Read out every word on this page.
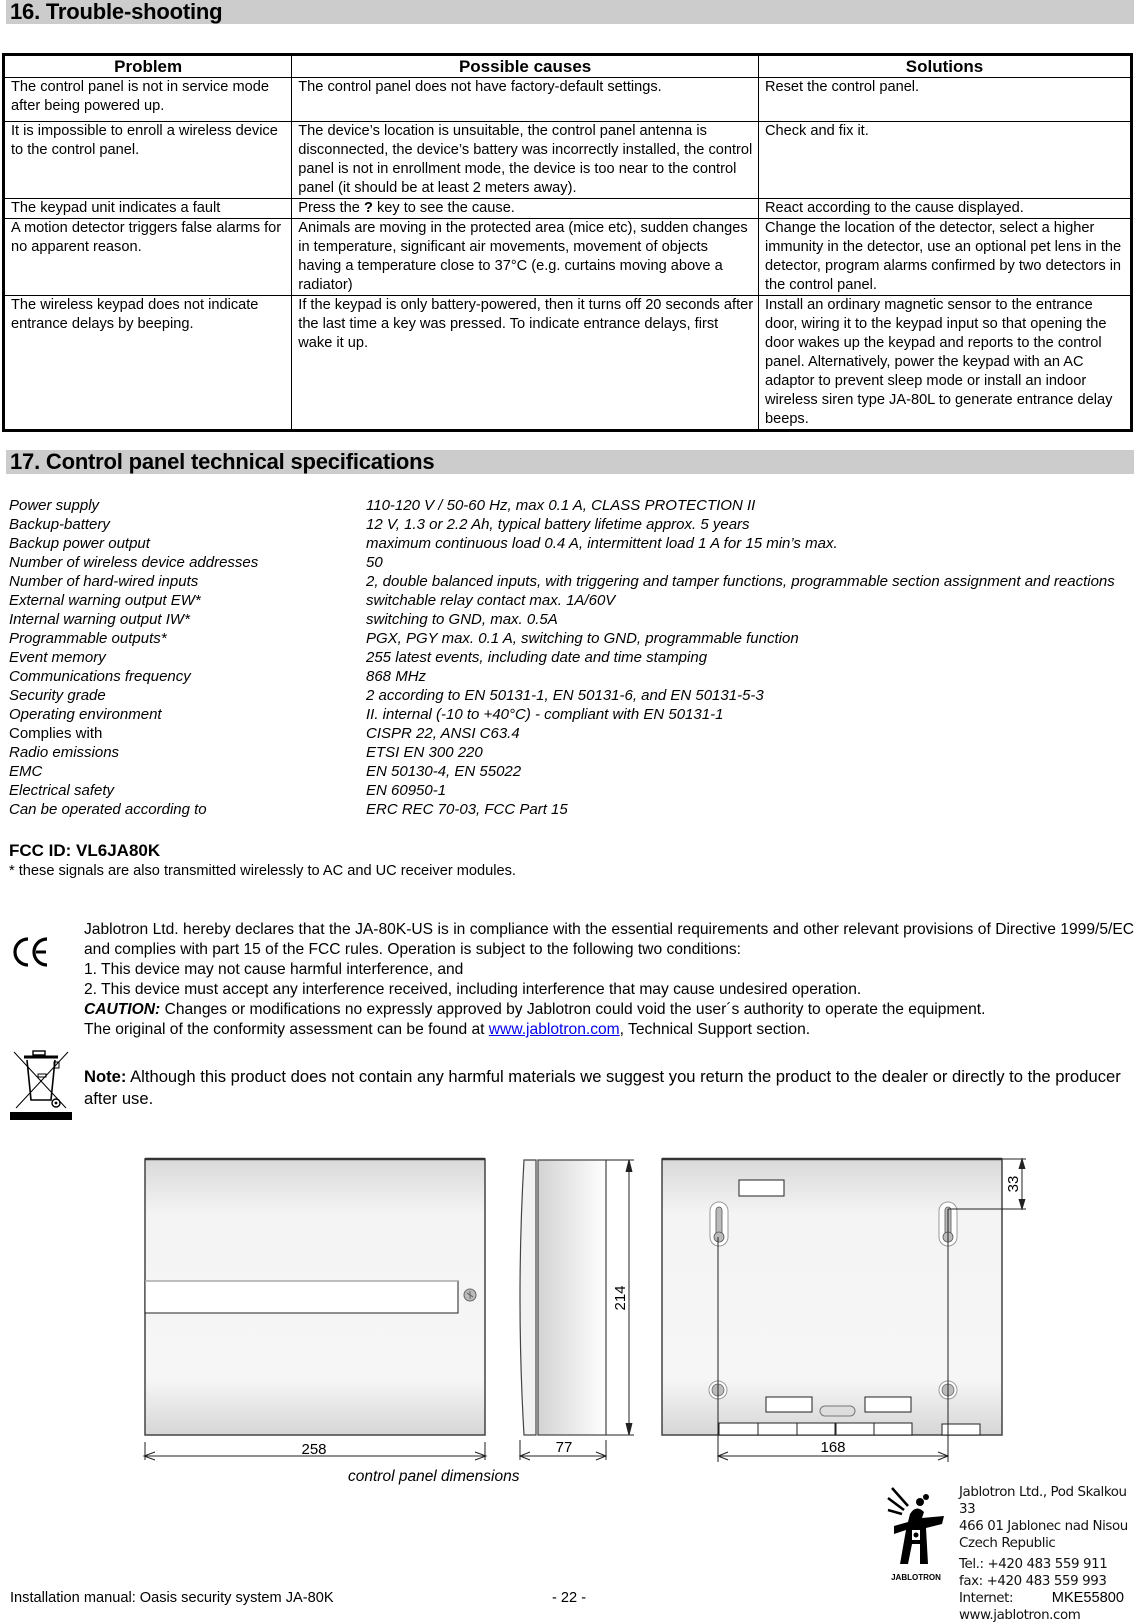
16. Trouble-shooting
Problem	Possible causes	Solutions
The control panel is not in service mode after being powered up.	The control panel does not have factory-default settings.	Reset the control panel.
It is impossible to enroll a wireless device to the control panel.	The device’s location is unsuitable, the control panel antenna is disconnected, the device’s battery was incorrectly installed, the control panel is not in enrollment mode, the device is too near to the control panel (it should be at least 2 meters away).	Check and fix it.
The keypad unit indicates a fault	Press the ? key to see the cause.	React according to the cause displayed.
A motion detector triggers false alarms for no apparent reason.	Animals are moving in the protected area (mice etc), sudden changes in temperature, significant air movements, movement of objects having a temperature close to 37°C (e.g. curtains moving above a radiator)	Change the location of the detector, select a higher immunity in the detector, use an optional pet lens in the detector, program alarms confirmed by two detectors in the control panel.
The wireless keypad does not indicate entrance delays by beeping.	If the keypad is only battery-powered, then it turns off 20 seconds after the last time a key was pressed. To indicate entrance delays, first wake it up.	Install an ordinary magnetic sensor to the entrance door, wiring it to the keypad input so that opening the door wakes up the keypad and reports to the control panel. Alternatively, power the keypad with an AC adaptor to prevent sleep mode or install an indoor wireless siren type JA-80L to generate entrance delay beeps.
17. Control panel technical specifications
Power supply	110-120 V / 50-60 Hz, max 0.1 A, CLASS PROTECTION II
Backup-battery	12 V, 1.3 or 2.2 Ah, typical battery lifetime approx. 5 years
Backup power output	maximum continuous load 0.4 A, intermittent load 1 A for 15 min’s max.
Number of wireless device addresses	50
Number of hard-wired inputs	2, double balanced inputs, with triggering and tamper functions, programmable section assignment and reactions
External warning output EW*	switchable relay contact max. 1A/60V
Internal warning output IW*	switching to GND, max. 0.5A
Programmable outputs*	PGX, PGY max. 0.1 A, switching to GND, programmable function
Event memory	255 latest events, including date and time stamping
Communications frequency	868 MHz
Security grade	2 according to EN 50131-1, EN 50131-6, and EN 50131-5-3
Operating environment	II. internal (-10 to +40°C) - compliant with EN 50131-1
Complies with	CISPR 22, ANSI C63.4
Radio emissions	ETSI EN 300 220
EMC	EN 50130-4, EN 55022
Electrical safety	EN 60950-1
Can be operated according to	ERC REC 70-03, FCC Part 15
FCC ID: VL6JA80K
* these signals are also transmitted wirelessly to AC and UC receiver modules.
Jablotron Ltd. hereby declares that the JA-80K-US is in compliance with the essential requirements and other relevant provisions of Directive 1999/5/EC and complies with part 15 of the FCC rules. Operation is subject to the following two conditions:
1. This device may not cause harmful interference, and
2. This device must accept any interference received, including interference that may cause undesired operation.
CAUTION: Changes or modifications no expressly approved by Jablotron could void the user´s authority to operate the equipment.
The original of the conformity assessment can be found at www.jablotron.com, Technical Support section.
Note: Although this product does not contain any harmful materials we suggest you return the product to the dealer or directly to the producer after use.
258
214
77	168
33
control panel dimensions
JABLOTRON
Jablotron Ltd., Pod Skalkou 33
466 01 Jablonec nad Nisou
Czech Republic
Tel.: +420 483 559 911
fax: +420 483 559 993
Internet: www.jablotron.com
Installation manual: Oasis security system JA-80K	- 22 -	MKE55800
